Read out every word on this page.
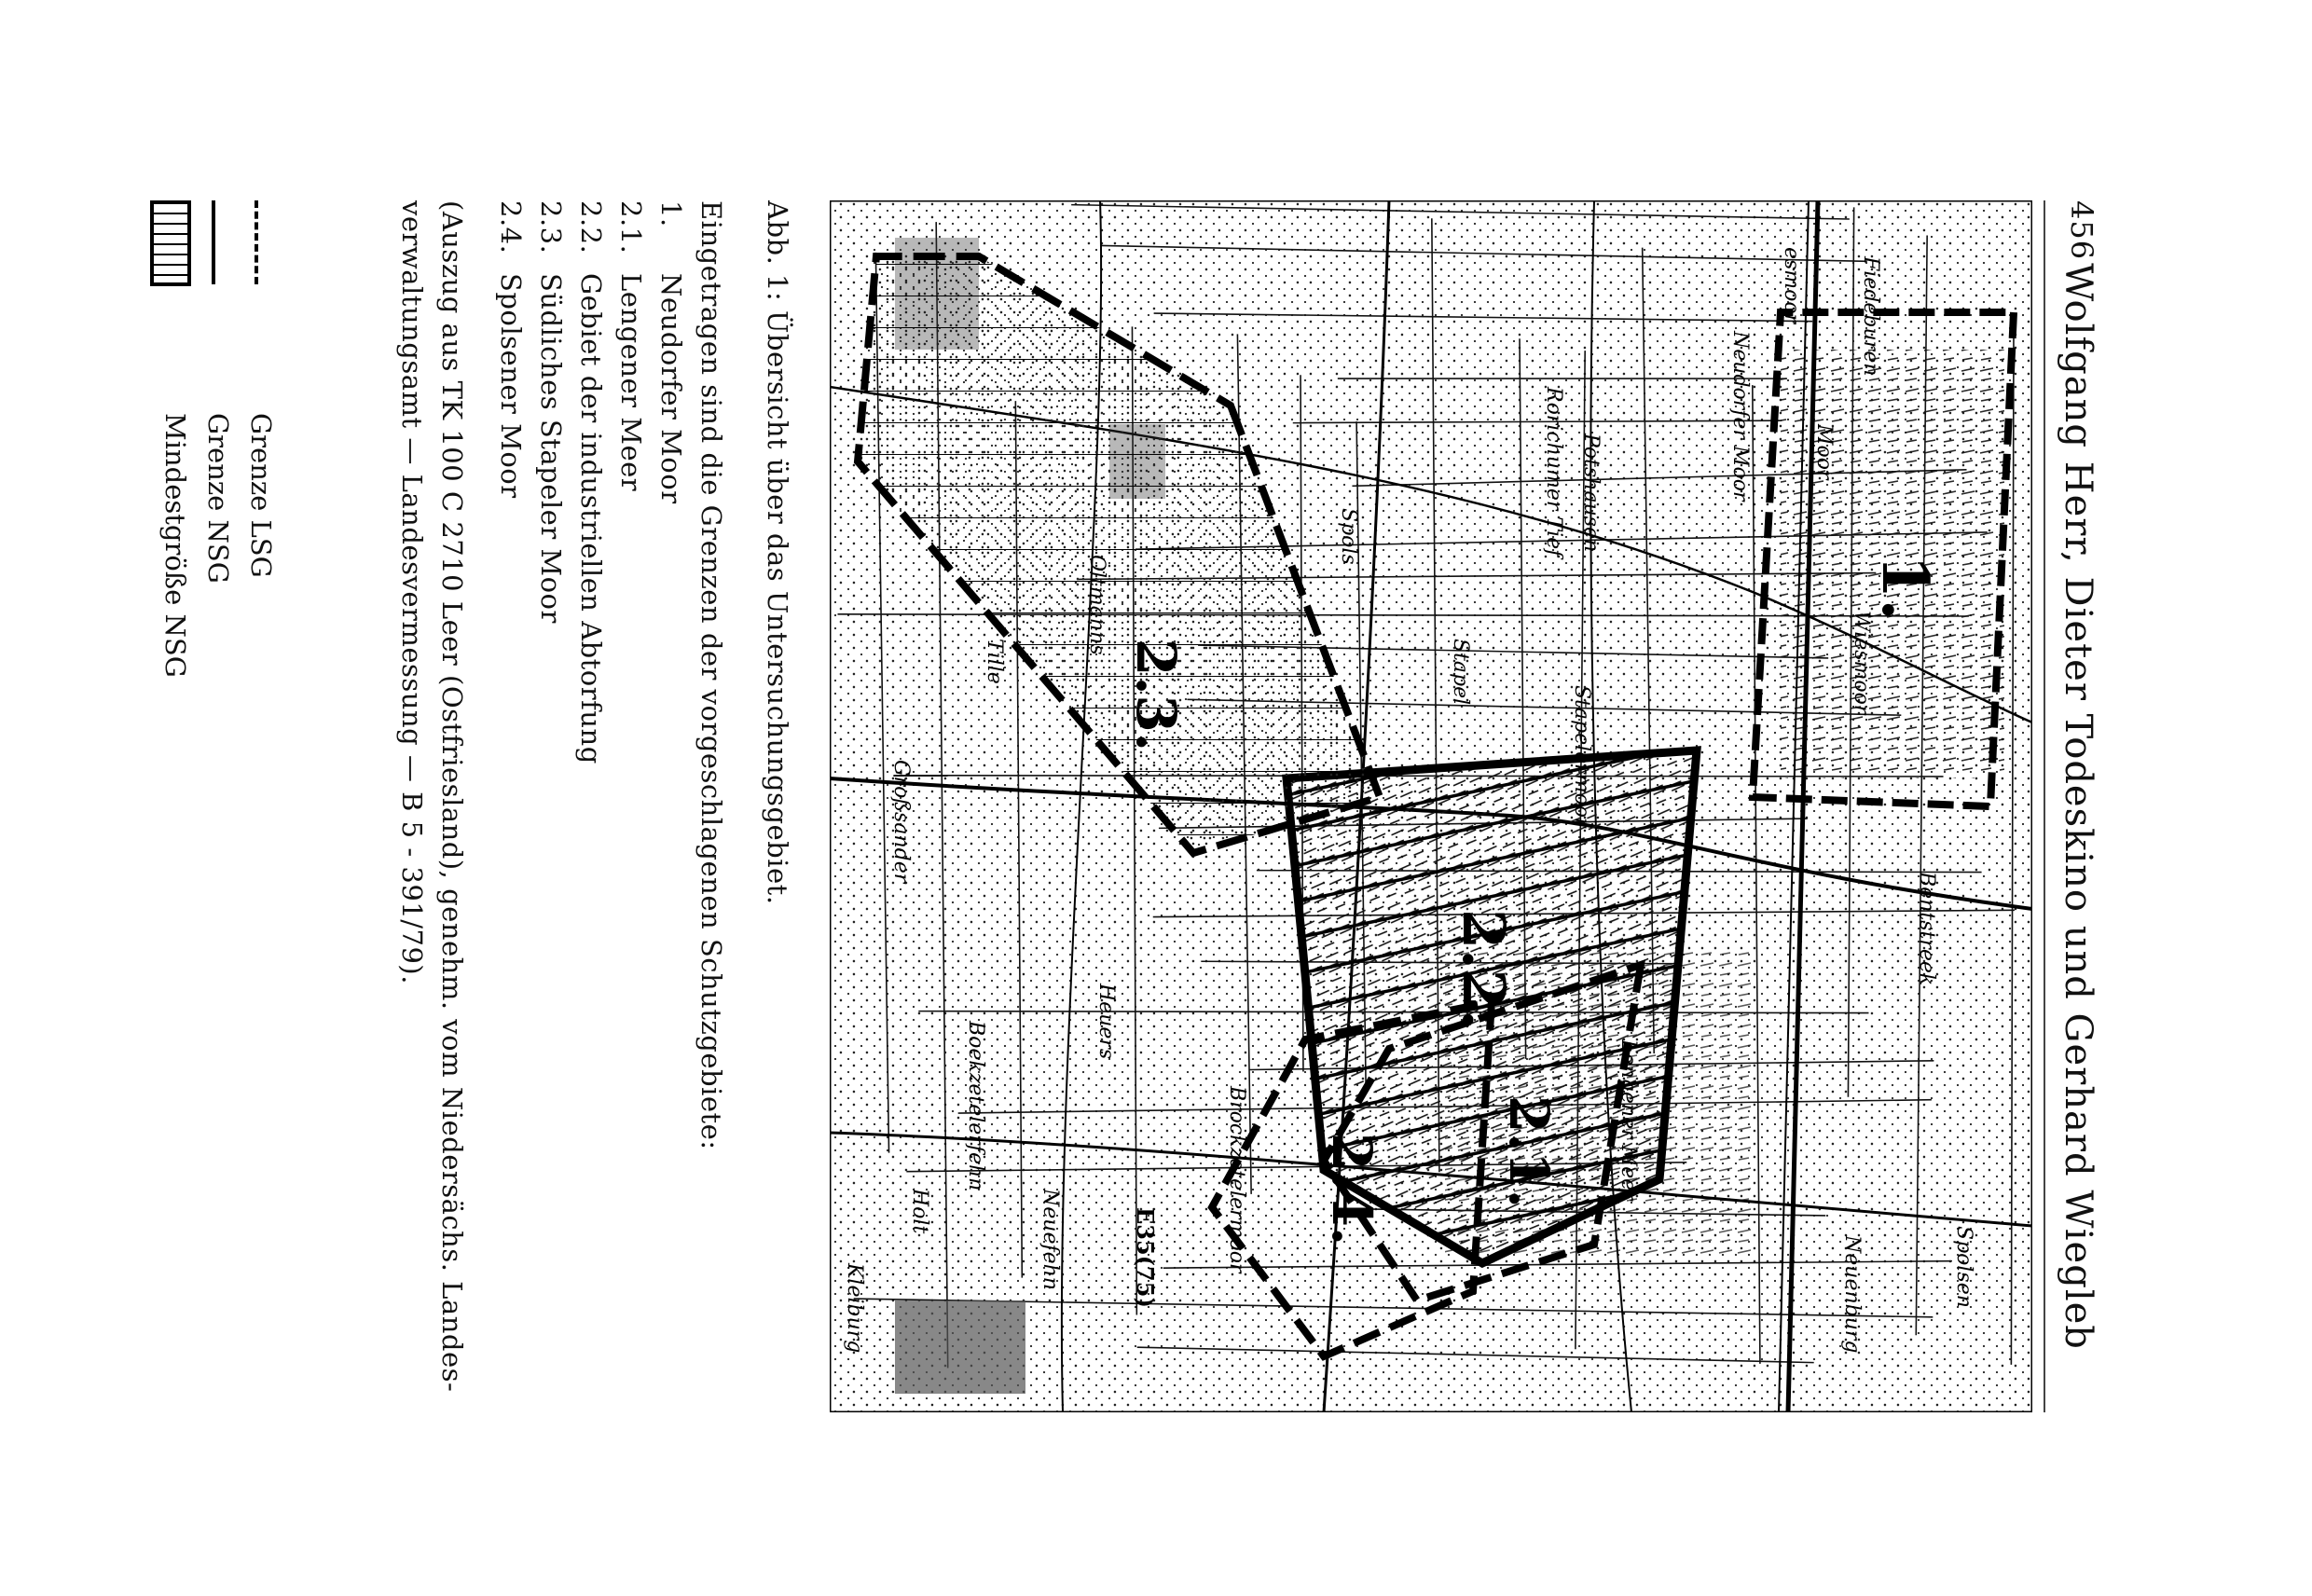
456
Wolfgang Herr, Dieter Todeskino und Gerhard Wiegleb
1.
2.2.
2.1.
2.4.
2.3.
Fiedeburen
Wiesmoor
esmoor
Moor
Rorichumer Tief Potshausen
Stapelermoor
Stapel
Spols
Großsander
Holt	Neuefehn
Heuers
Boekzetelerfehn
Bentstreek
Spolsen
Neuenburg
Kleiburg
Neudorfer Moor
Lengener Meer
Brockzetelermoor
Oltmanns
Tille
E35(75)

Abb. 1: Übersicht über das Untersuchungsgebiet.

Eingetragen sind die Grenzen der vorgeschlagenen Schutzgebiete:

1.
Neudorfer Moor
2.1.
Lengener Meer
2.2.
Gebiet der industriellen Abtorfung
2.3.
Südliches Stapeler Moor
2.4.
Spolsener Moor

(Auszug aus TK 100 C 2710 Leer (Ostfriesland), genehm. vom Niedersächs. Landes-

verwaltungsamt — Landesvermessung — B 5 - 391/79).

Grenze LSG
Grenze NSG
Mindestgröße NSG
